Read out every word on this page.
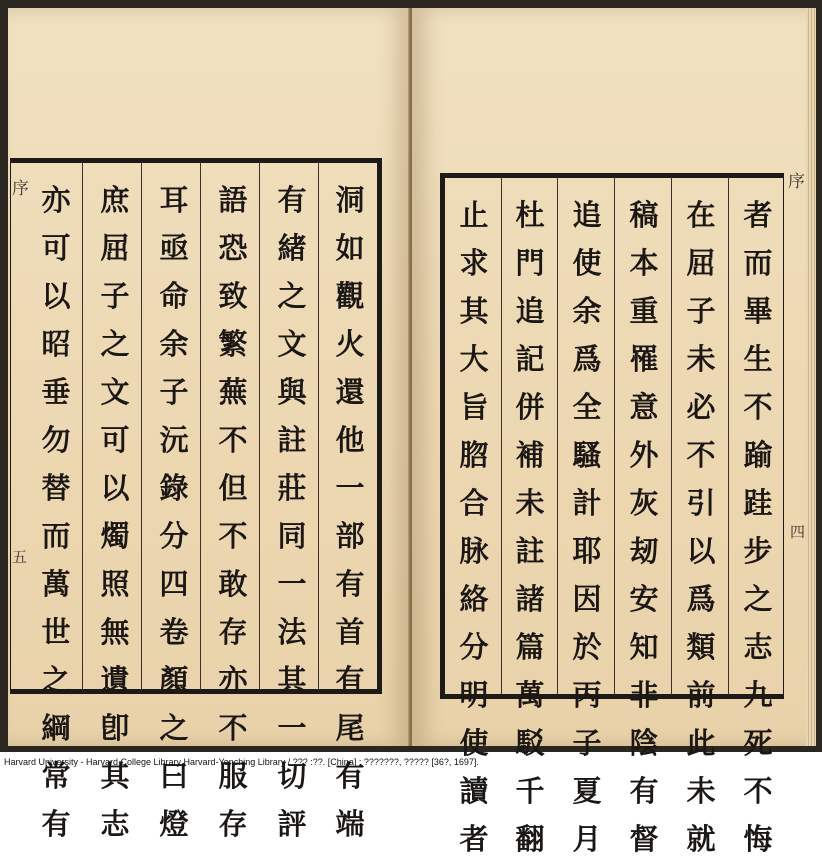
序
五
洞
如
觀
火
還
他
一
部
有
首
有
尾
有
端
有
緒
之
文
與
註
莊
同
一
法
其
一
切
評
語
恐
致
繁
蕪
不
但
不
敢
存
亦
不
服
存
耳
亟
命
余
子
沅
錄
分
四
卷
顏
之
曰
燈
庶
屈
子
之
文
可
以
燭
照
無
遺
卽
其
志
亦
可
以
昭
垂
勿
替
而
萬
世
之
綱
常
有
者
而
畢
生
不
踰
跬
步
之
志
九
死
不
悔
在
屈
子
未
必
不
引
以
爲
類
前
此
未
就
稿
本
重
罹
意
外
灰
刼
安
知
非
陰
有
督
追
使
余
爲
全
騷
計
耶
因
於
丙
子
夏
月
杜
門
追
記
併
補
未
註
諸
篇
萬
駁
千
翻
止
求
其
大
旨
脗
合
脉
絡
分
明
使
讀
者
序
四
Harvard University - Harvard College Library Harvard-Yenching Library / ??? :??. [China] : ???????, ????? [36?, 1697].
